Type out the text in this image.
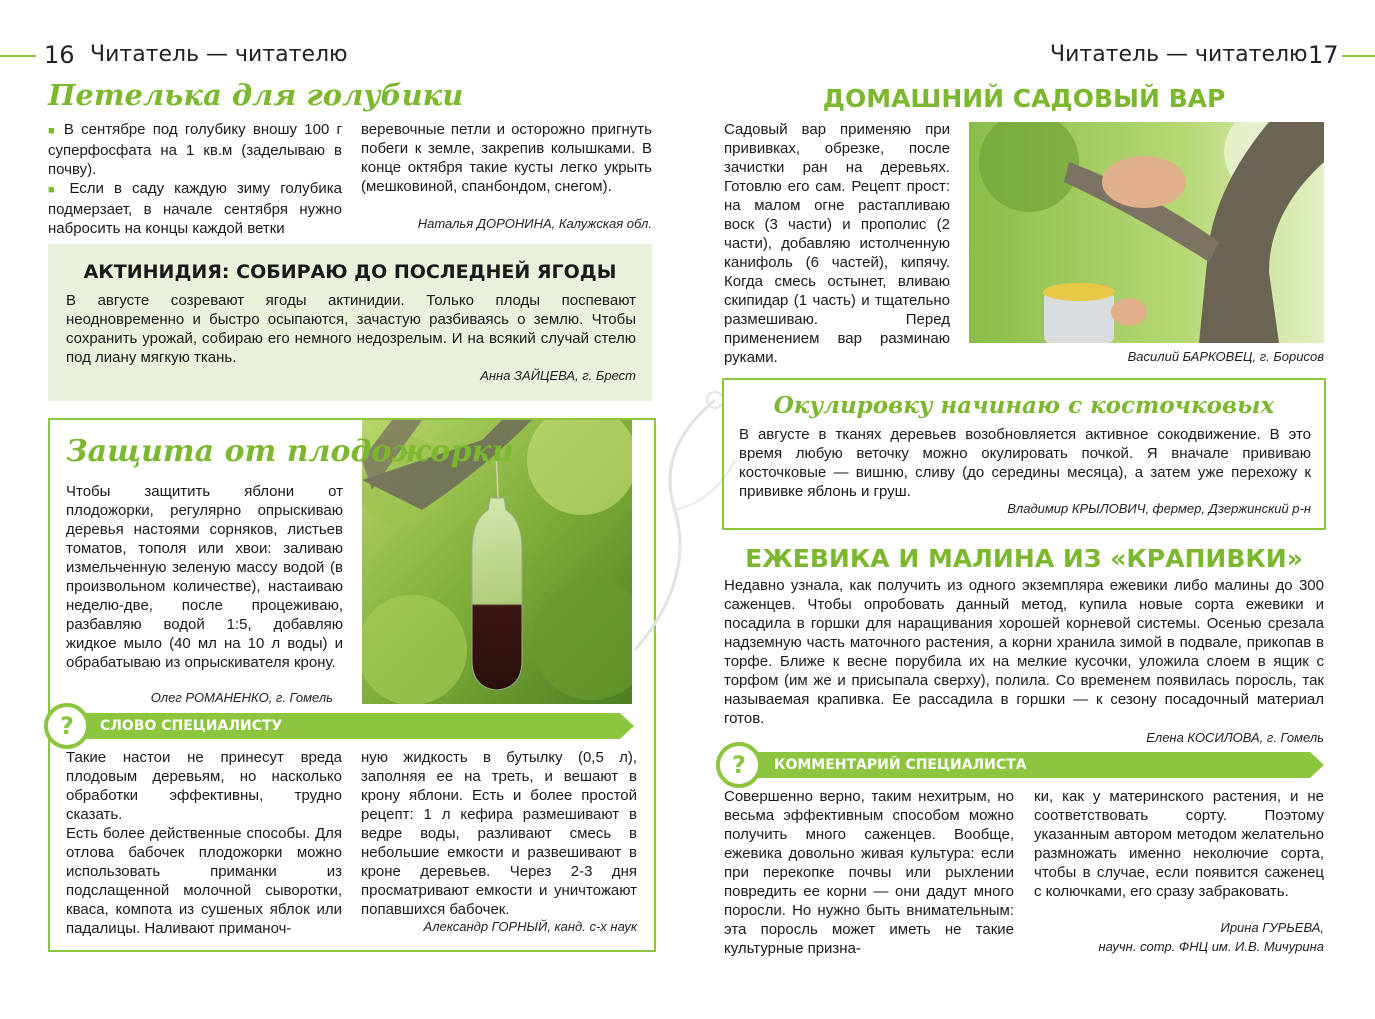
16 Читатель — читателю	Читатель — читателю 17
Петелька для голубики

■ В сентябре под голубику вношу 100 г суперфосфата на 1 кв.м (заделываю в почву).

■ Если в саду каждую зиму голубика подмерзает, в начале сентября нужно набросить на концы каждой ветки

веревочные петли и осторожно пригнуть побеги к земле, закрепив колышками. В конце октября такие кусты легко укрыть (мешковиной, спанбондом, снегом).
Наталья ДОРОНИНА, Калужская обл.
АКТИНИДИЯ: СОБИРАЮ ДО ПОСЛЕДНЕЙ ЯГОДЫ
В августе созревают ягоды актинидии. Только плоды поспевают неодновременно и быстро осыпаются, зачастую разбиваясь о землю. Чтобы сохранить урожай, собираю его немного недозрелым. И на всякий случай стелю под лиану мягкую ткань.
Анна ЗАЙЦЕВА, г. Брест
Защита от плодожорки
Чтобы защитить яблони от плодожорки, регулярно опрыскиваю деревья настоями сорняков, листьев томатов, тополя или хвои: заливаю измельченную зеленую массу водой (в произвольном количестве), настаиваю неделю-две, после процеживаю, разбавляю водой 1:5, добавляю жидкое мыло (40 мл на 10 л воды) и обрабатываю из опрыскивателя крону.
Олег РОМАНЕНКО, г. Гомель
СЛОВО СПЕЦИАЛИСТУ
?
Такие настои не принесут вреда плодовым деревьям, но насколько обработки эффективны, трудно сказать.
Есть более действенные способы. Для отлова бабочек плодожорки можно использовать приманки из подслащенной молочной сыворотки, кваса, компота из сушеных яблок или падалицы. Наливают приманоч-
ную жидкость в бутылку (0,5 л), заполняя ее на треть, и вешают в крону яблони. Есть и более простой рецепт: 1 л кефира размешивают в ведре воды, разливают смесь в небольшие емкости и развешивают в кроне деревьев. Через 2-3 дня просматривают емкости и уничтожают попавшихся бабочек.
Александр ГОРНЫЙ, канд. с-х наук
ДОМАШНИЙ САДОВЫЙ ВАР
Садовый вар применяю при прививках, обрезке, после зачистки ран на деревьях. Готовлю его сам. Рецепт прост: на малом огне растапливаю воск (3 части) и прополис (2 части), добавляю истолченную канифоль (6 частей), кипячу. Когда смесь остынет, вливаю скипидар (1 часть) и тщательно размешиваю. Перед применением вар разминаю руками.	Василий БАРКОВЕЦ, г. Борисов
Окулировку начинаю с косточковых
В августе в тканях деревьев возобновляется активное сокодвижение. В это время любую веточку можно окулировать почкой. Я вначале прививаю косточковые — вишню, сливу (до середины месяца), а затем уже перехожу к прививке яблонь и груш.
Владимир КРЫЛОВИЧ, фермер, Дзержинский р-н
ЕЖЕВИКА И МАЛИНА ИЗ «КРАПИВКИ»
Недавно узнала, как получить из одного экземпляра ежевики либо малины до 300 саженцев. Чтобы опробовать данный метод, купила новые сорта ежевики и посадила в горшки для наращивания хорошей корневой системы. Осенью срезала надземную часть маточного растения, а корни хранила зимой в подвале, прикопав в торфе. Ближе к весне порубила их на мелкие кусочки, уложила слоем в ящик с торфом (им же и присыпала сверху), полила. Со временем появилась поросль, так называемая крапивка. Ее рассадила в горшки — к сезону посадочный материал готов.
Елена КОСИЛОВА, г. Гомель
КОММЕНТАРИЙ СПЕЦИАЛИСТА
?
Совершенно верно, таким нехитрым, но весьма эффективным способом можно получить много саженцев. Вообще, ежевика довольно живая культура: если при перекопке почвы или рыхлении повредить ее корни — они дадут много поросли. Но нужно быть внимательным: эта поросль может иметь не такие культурные призна-
ки, как у материнского растения, и не соответствовать сорту. Поэтому указанным автором методом желательно размножать именно неколючие сорта, чтобы в случае, если появится саженец с колючками, его сразу забраковать.
Ирина ГУРЬЕВА,
научн. сотр. ФНЦ им. И.В. Мичурина
